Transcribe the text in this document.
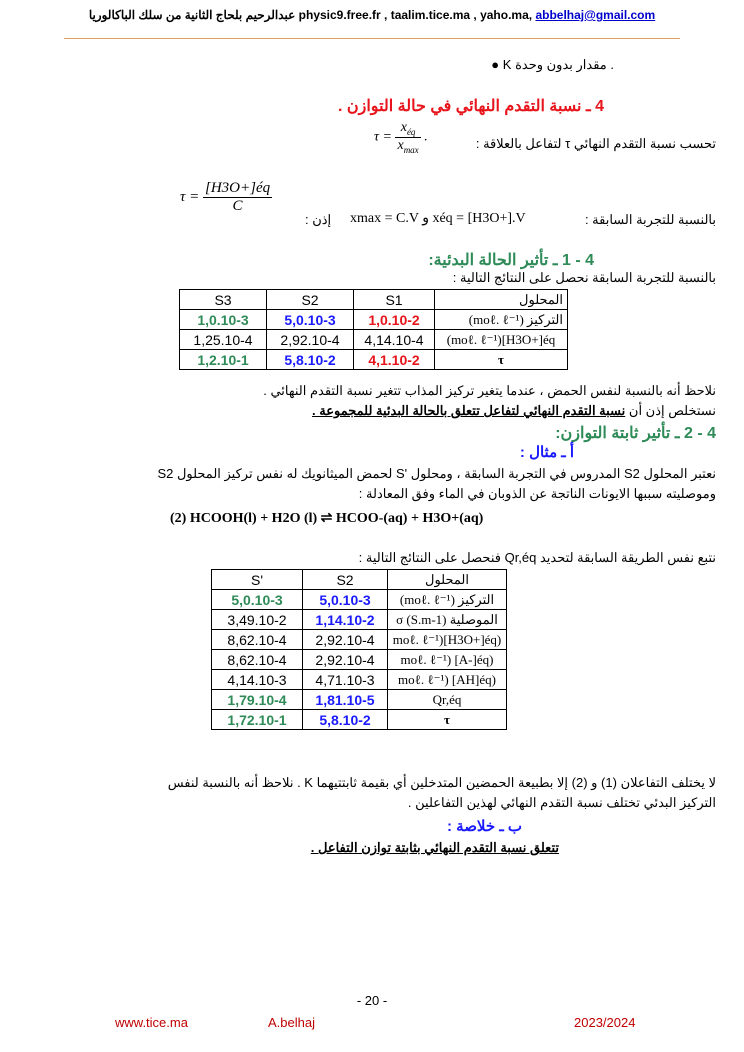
عبدالرحيم بلحاج الثانية من سلك الباكالوريا physic9.free.fr , taalim.tice.ma , yaho.ma, abbelhaj@gmail.com
● K مقدار بدون وحدة .
4 ـ نسبة التقدم النهائي في حالة التوازن .
تحسب نسبة التقدم النهائي τ لتفاعل بالعلاقة :
$\tau = \frac{x_{éq}}{x_{max}}$ .
بالنسبة للتجربة السابقة :
xmax = C.V و xéq = [H3O+].V
إذن :
$\tau = \frac{[H3O+]éq}{C}$
4 - 1 ـ تأثير الحالة البدئية:
بالنسبة للتجربة السابقة نحصل على النتائج التالية :
S3	S2	S1	المحلول
1,0.10-3	5,0.10-3	1,0.10-2	التركيز (moℓ. ℓ⁻¹)
1,25.10-4	2,92.10-4	4,14.10-4	(moℓ. ℓ⁻¹)[H3O+]éq
1,2.10-1	5,8.10-2	4,1.10-2	τ
نلاحظ أنه بالنسبة لنفس الحمض ، عندما يتغير تركيز المذاب تتغير نسبة التقدم النهائي .
نستخلص إذن أن نسبة التقدم النهائي لتفاعل تتعلق بالحالة البدئية للمجموعة .
4 - 2 ـ تأثير ثابتة التوازن:
أ ـ مثال :
نعتبر المحلول S2 المدروس في التجربة السابقة ، ومحلول 'S لحمض الميثانويك له نفس تركيز المحلول S2
وموصليته سببها الايونات الناتجة عن الذوبان في الماء وفق المعادلة :
(2) HCOOH(l) + H2O (l) ⇌ HCOO-(aq) + H3O+(aq)
نتبع نفس الطريقة السابقة لتحديد Qr,éq فنحصل على النتائج التالية :
S'	S2	المحلول
5,0.10-3	5,0.10-3	التركيز (moℓ. ℓ⁻¹)
3,49.10-2	1,14.10-2	الموصلية σ (S.m-1)
8,62.10-4	2,92.10-4	moℓ. ℓ⁻¹)[H3O+]éq)
8,62.10-4	2,92.10-4	moℓ. ℓ⁻¹) [A-]éq)
4,14.10-3	4,71.10-3	moℓ. ℓ⁻¹) [AH]éq)
1,79.10-4	1,81.10-5	Qr,éq
1,72.10-1	5,8.10-2	τ
لا يختلف التفاعلان (1) و (2) إلا بطبيعة الحمضين المتدخلين أي بقيمة ثابتتيهما K . نلاحظ أنه بالنسبة لنفس
التركيز البدئي تختلف نسبة التقدم النهائي لهذين التفاعلين .
ب ـ خلاصة :
تتعلق نسبة التقدم النهائي بثابتة توازن التفاعل .
- 20 -
www.tice.ma	A.belhaj	2023/2024
